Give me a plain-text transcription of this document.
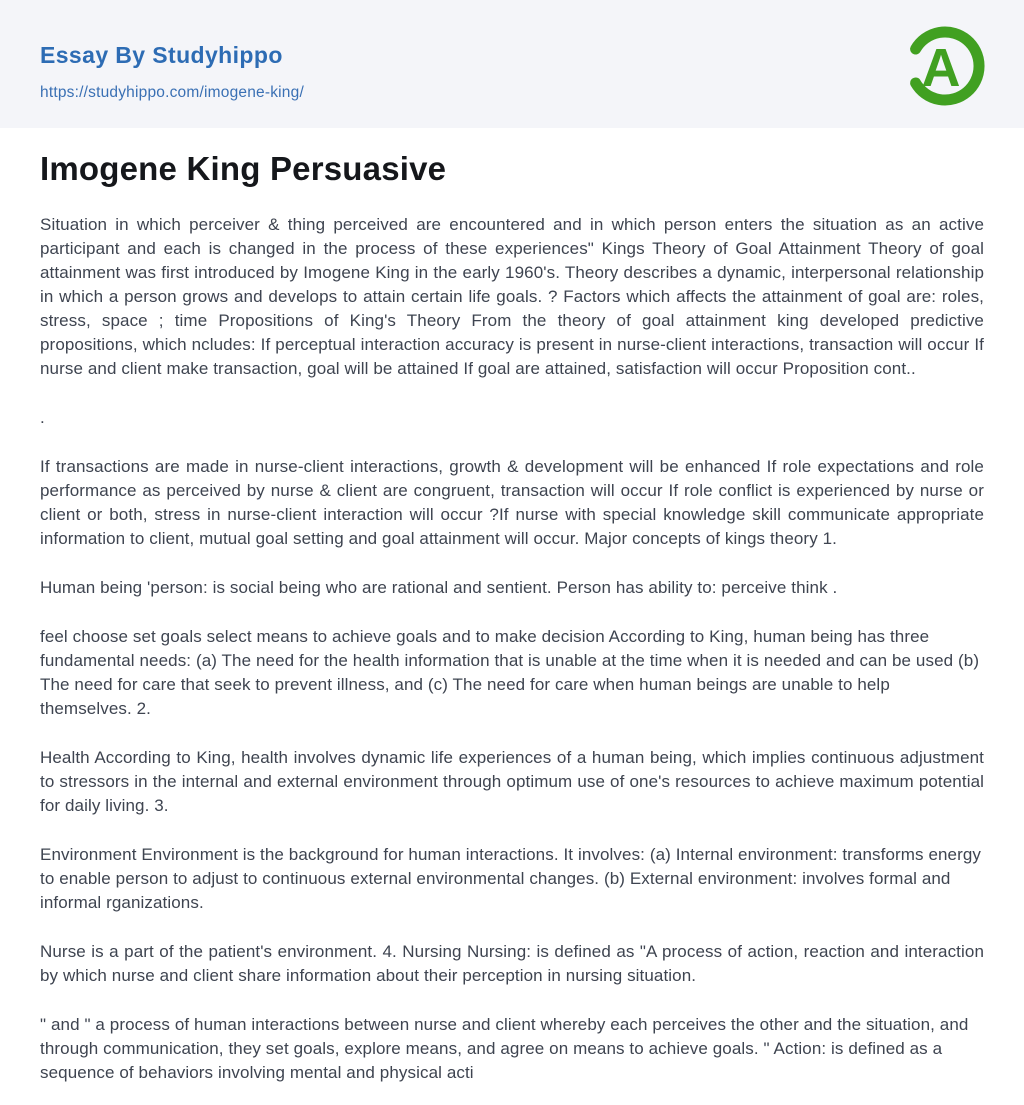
Essay By Studyhippo
https://studyhippo.com/imogene-king/	A
Imogene King Persuasive

Situation in which perceiver & thing perceived are encountered and in which person enters the situation as an active participant and each is changed in the process of these experiences" Kings Theory of Goal Attainment Theory of goal attainment was first introduced by Imogene King in the early 1960's. Theory describes a dynamic, interpersonal relationship in which a person grows and develops to attain certain life goals. ? Factors which affects the attainment of goal are: roles, stress, space ; time Propositions of King's Theory From the theory of goal attainment king developed predictive propositions, which ncludes: If perceptual interaction accuracy is present in nurse-client interactions, transaction will occur If nurse and client make transaction, goal will be attained If goal are attained, satisfaction will occur Proposition cont..

.

If transactions are made in nurse-client interactions, growth & development will be enhanced If role expectations and role performance as perceived by nurse & client are congruent, transaction will occur If role conflict is experienced by nurse or client or both, stress in nurse-client interaction will occur ?If nurse with special knowledge skill communicate appropriate information to client, mutual goal setting and goal attainment will occur. Major concepts of kings theory 1.

Human being 'person: is social being who are rational and sentient. Person has ability to: perceive think .

feel choose set goals select means to achieve goals and to make decision According to King, human being has three fundamental needs: (a) The need for the health information that is unable at the time when it is needed and can be used (b) The need for care that seek to prevent illness, and (c) The need for care when human beings are unable to help themselves. 2.

Health According to King, health involves dynamic life experiences of a human being, which implies continuous adjustment to stressors in the internal and external environment through optimum use of one's resources to achieve maximum potential for daily living. 3.

Environment Environment is the background for human interactions. It involves: (a) Internal environment: transforms energy to enable person to adjust to continuous external environmental changes. (b) External environment: involves formal and informal rganizations.

Nurse is a part of the patient's environment. 4. Nursing Nursing: is defined as "A process of action, reaction and interaction by which nurse and client share information about their perception in nursing situation.

" and " a process of human interactions between nurse and client whereby each perceives the other and the situation, and through communication, they set goals, explore means, and agree on means to achieve goals. " Action: is defined as a sequence of behaviors involving mental and physical acti
